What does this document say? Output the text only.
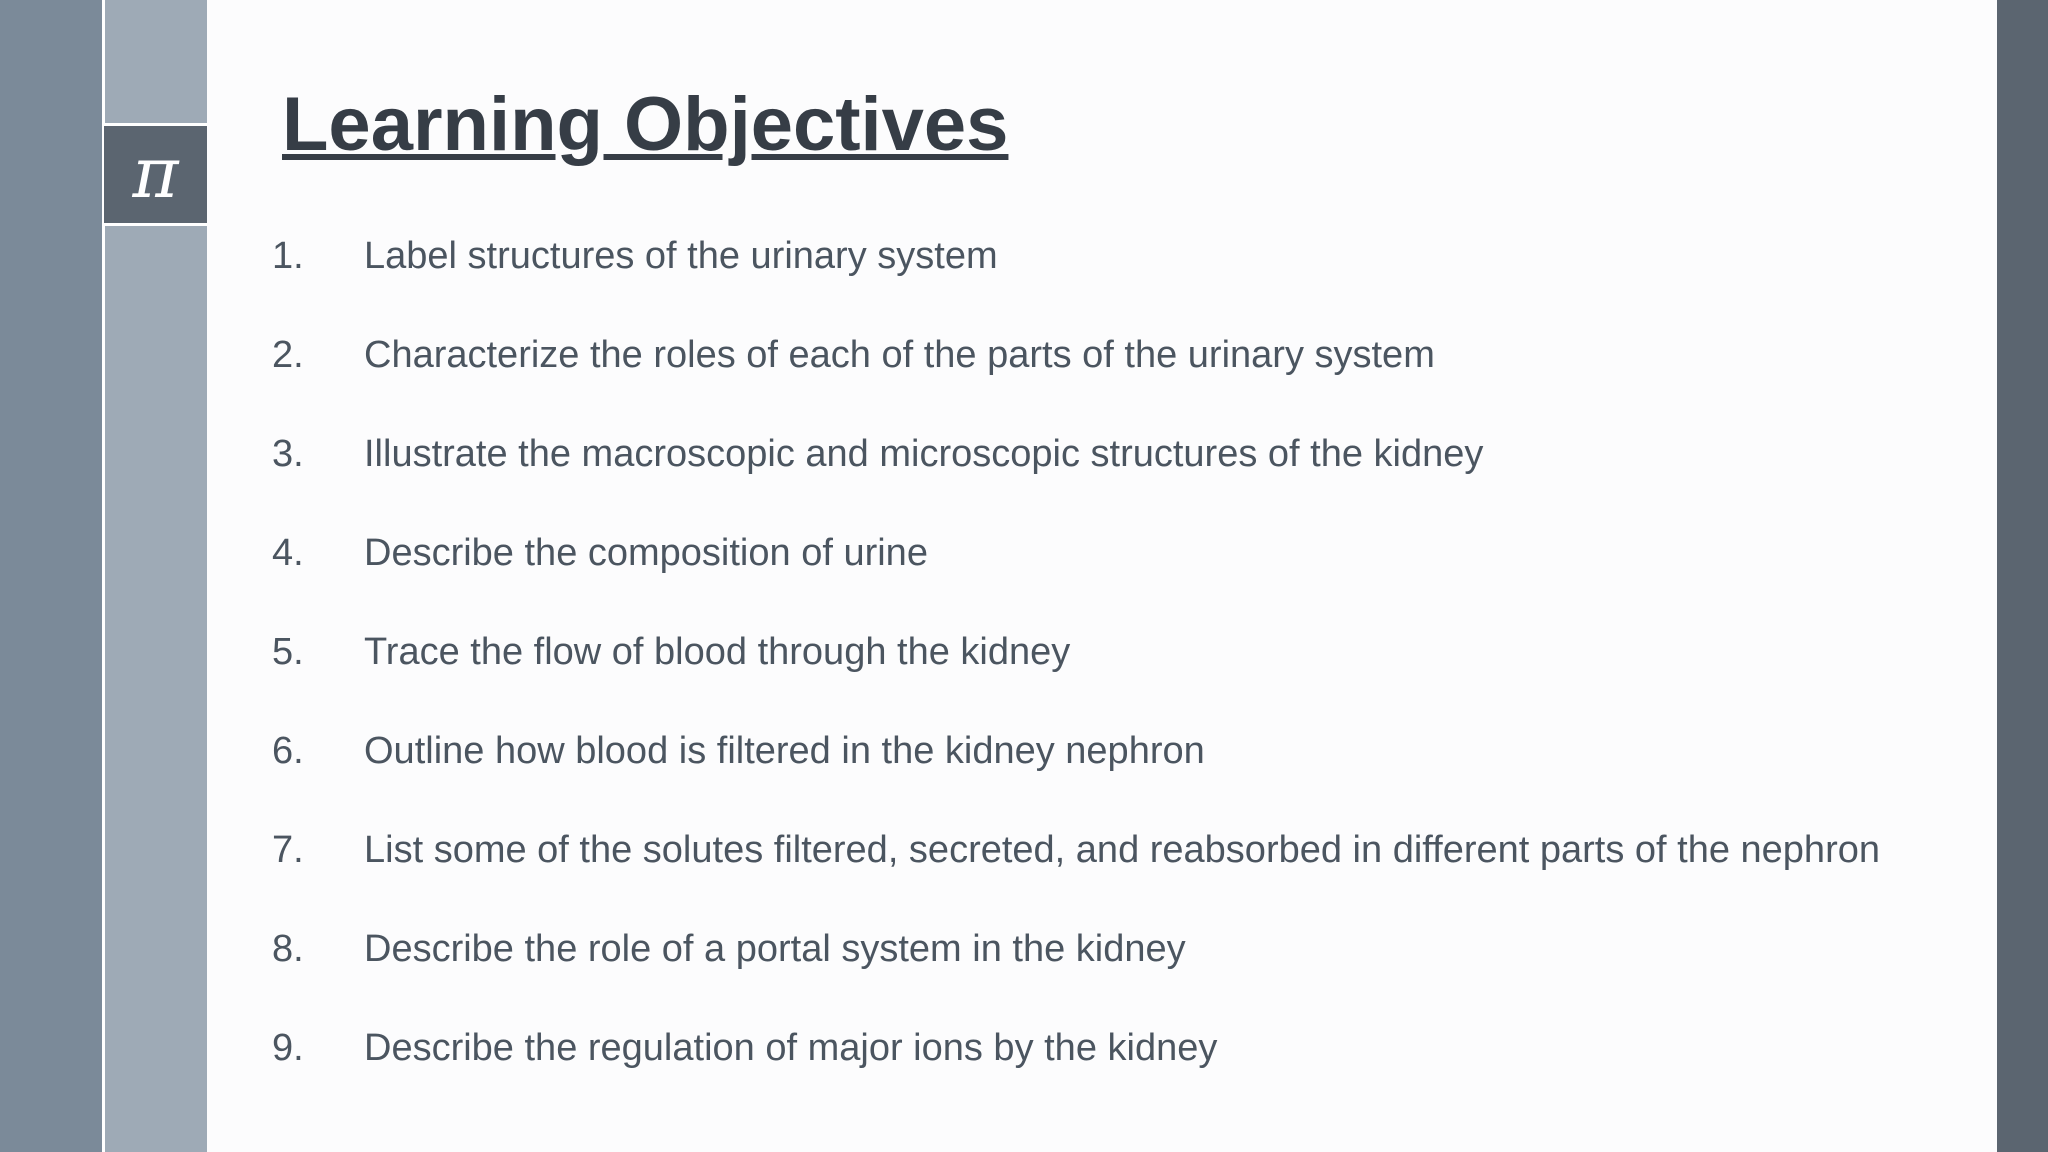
π
Learning Objectives
1.	Label structures of the urinary system
2.	Characterize the roles of each of the parts of the urinary system
3.	Illustrate the macroscopic and microscopic structures of the kidney
4.	Describe the composition of urine
5.	Trace the flow of blood through the kidney
6.	Outline how blood is filtered in the kidney nephron
7.	List some of the solutes filtered, secreted, and reabsorbed in different parts of the nephron
8.	Describe the role of a portal system in the kidney
9.	Describe the regulation of major ions by the kidney
